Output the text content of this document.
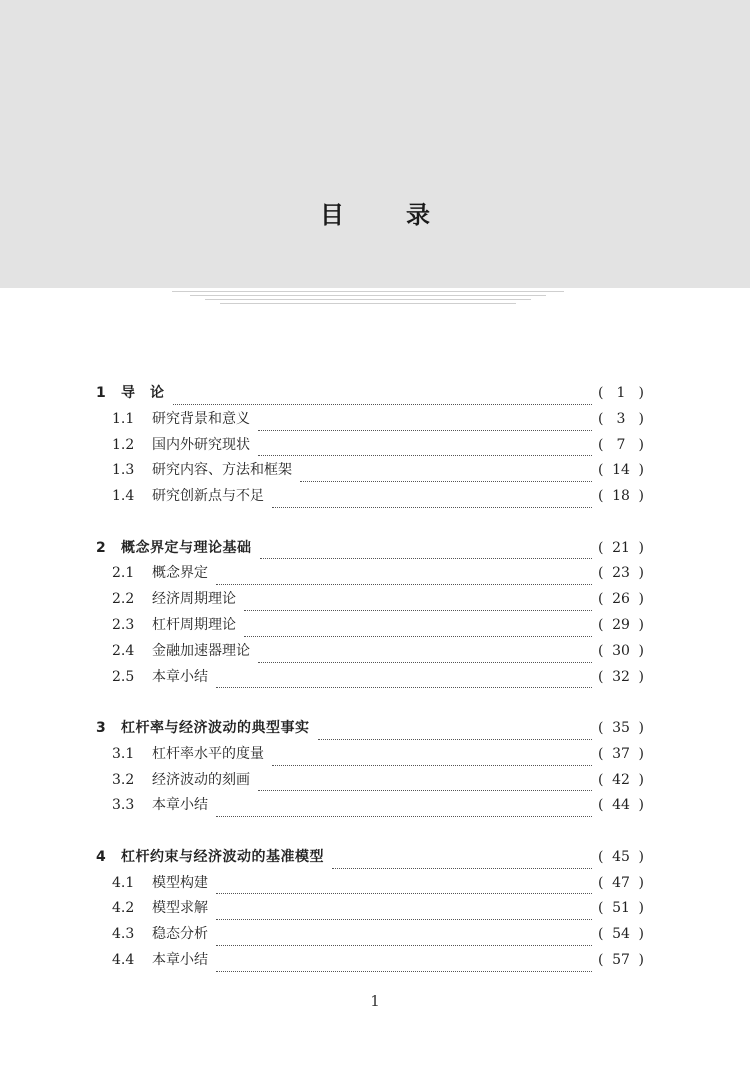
目录
1	导　论	( 1 )
1.1	研究背景和意义	( 3 )
1.2	国内外研究现状	( 7 )
1.3	研究内容、方法和框架	( 14 )
1.4	研究创新点与不足	( 18 )
2	概念界定与理论基础	( 21 )
2.1	概念界定	( 23 )
2.2	经济周期理论	( 26 )
2.3	杠杆周期理论	( 29 )
2.4	金融加速器理论	( 30 )
2.5	本章小结	( 32 )
3	杠杆率与经济波动的典型事实	( 35 )
3.1	杠杆率水平的度量	( 37 )
3.2	经济波动的刻画	( 42 )
3.3	本章小结	( 44 )
4	杠杆约束与经济波动的基准模型	( 45 )
4.1	模型构建	( 47 )
4.2	模型求解	( 51 )
4.3	稳态分析	( 54 )
4.4	本章小结	( 57 )
1
